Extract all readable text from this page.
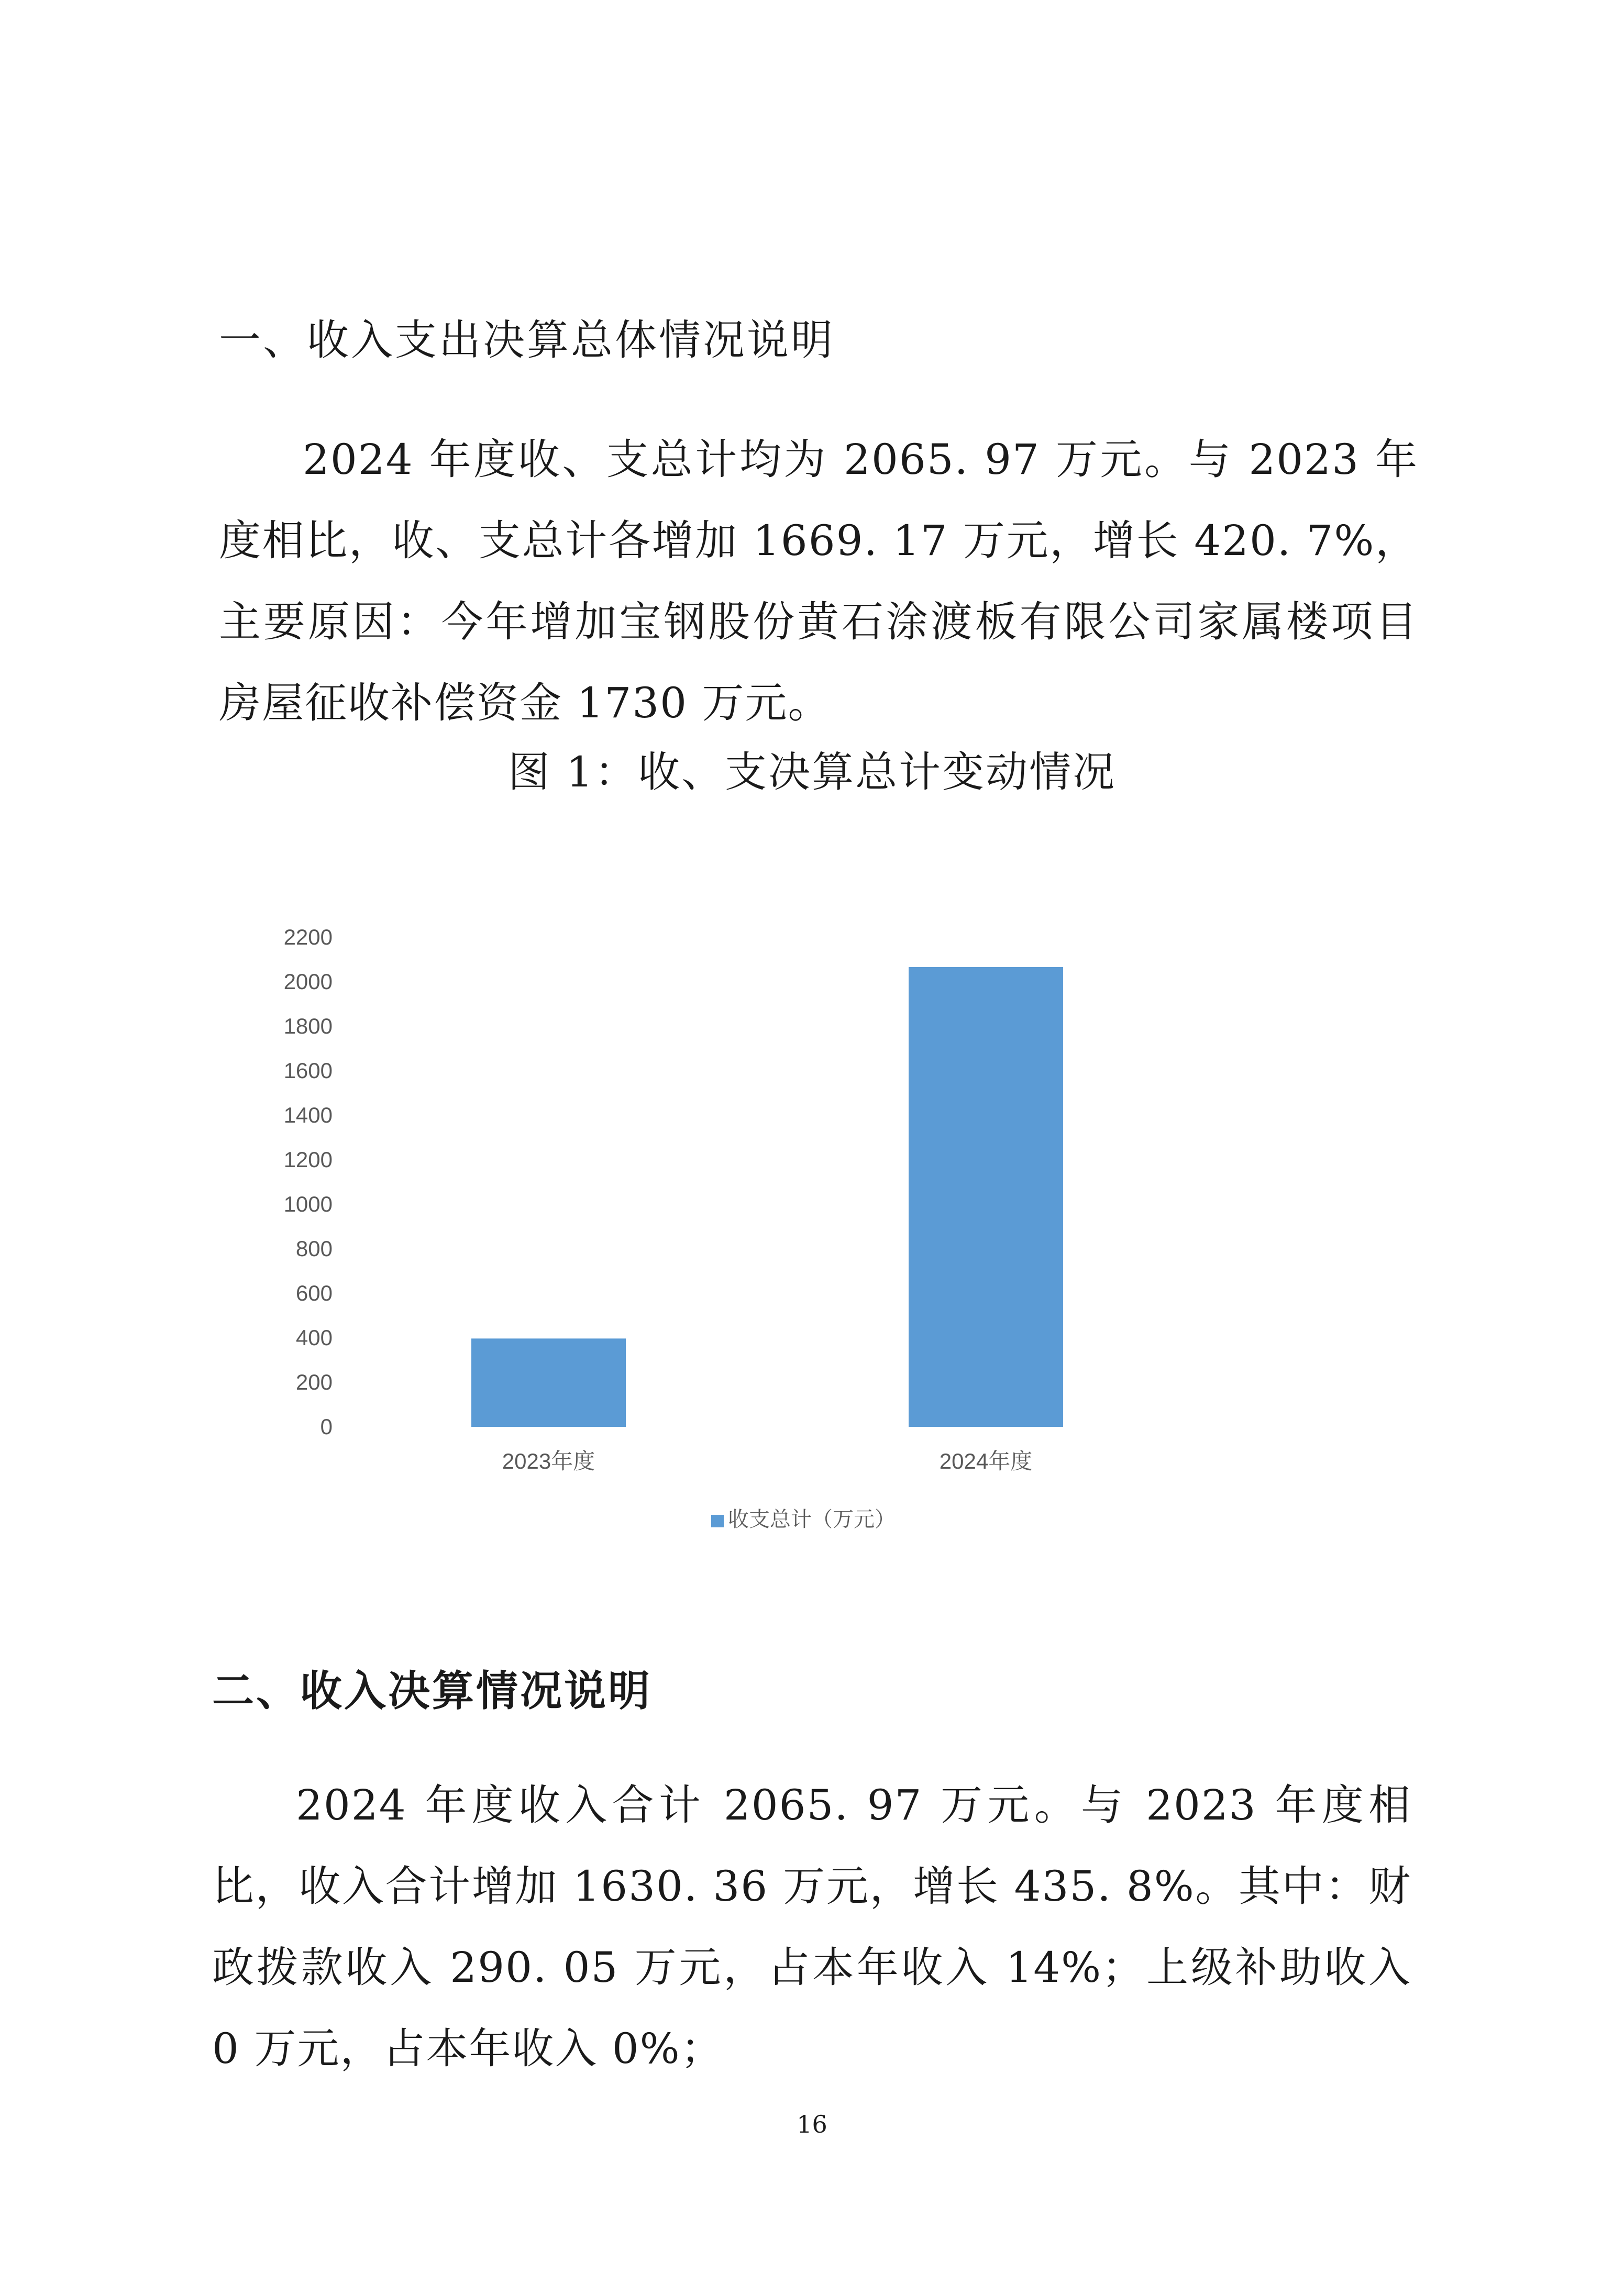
一、收入支出决算总体情况说明

2024 年度收、支总计均为 2065. 97 万元。与 2023 年度相比，收、支总计各增加 1669. 17 万元，增长 420. 7%，主要原因：今年增加宝钢股份黄石涂渡板有限公司家属楼项目房屋征收补偿资金 1730 万元。

图 1：收、支决算总计变动情况

0
200
400
600
800
1000
1200
1400
1600
1800
2000
2200
2023年度	2024年度
收支总计（万元）
二、收入决算情况说明

2024 年度收入合计 2065. 97 万元。与 2023 年度相比，收入合计增加 1630. 36 万元，增长 435. 8%。其中：财政拨款收入 290. 05 万元，占本年收入 14%；上级补助收入 0 万元，占本年收入 0%；

16
